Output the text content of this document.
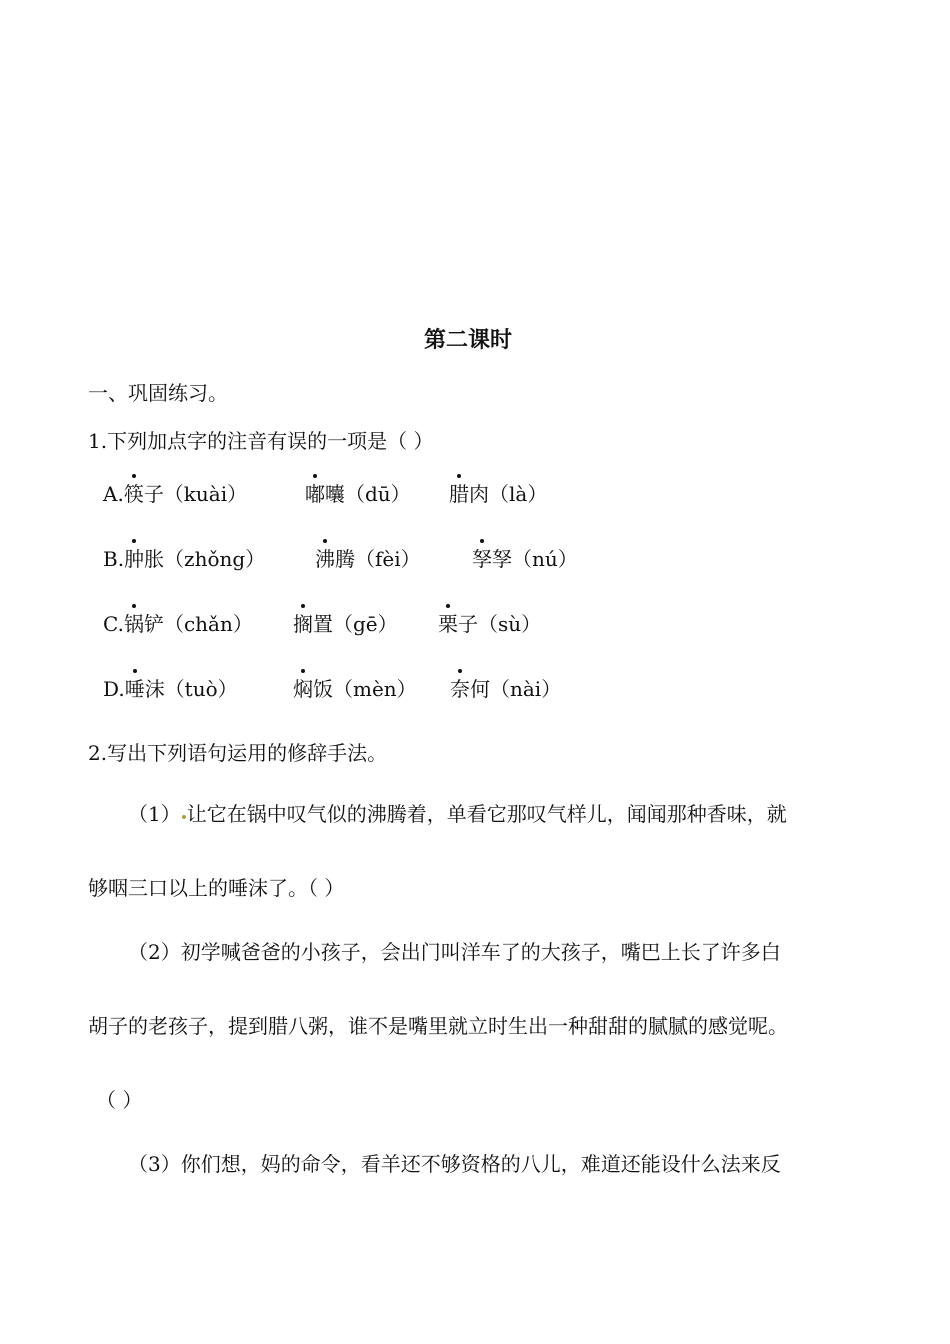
第二课时
一、巩固练习。
1.下列加点字的注音有误的一项是（ ）
A.筷子（kuài）	嘟囔（dū） 腊肉（là）
B.肿胀（zhǒng） 沸腾（fèi）	孥孥（nú）
C.锅铲（chǎn） 搁置（gē） 栗子（sù）
D.唾沫（tuò）	焖饭（mèn） 奈何（nài）
2.写出下列语句运用的修辞手法。
（1） 让它在锅中叹气似的沸腾着，单看它那叹气样儿，闻闻那种香味，就
够咽三口以上的唾沫了。（ ）
（2）初学喊爸爸的小孩子，会出门叫洋车了的大孩子，嘴巴上长了许多白
胡子的老孩子，提到腊八粥，谁不是嘴里就立时生出一种甜甜的腻腻的感觉呢。
（ ）
（3）你们想，妈的命令，看羊还不够资格的八儿，难道还能设什么法来反
